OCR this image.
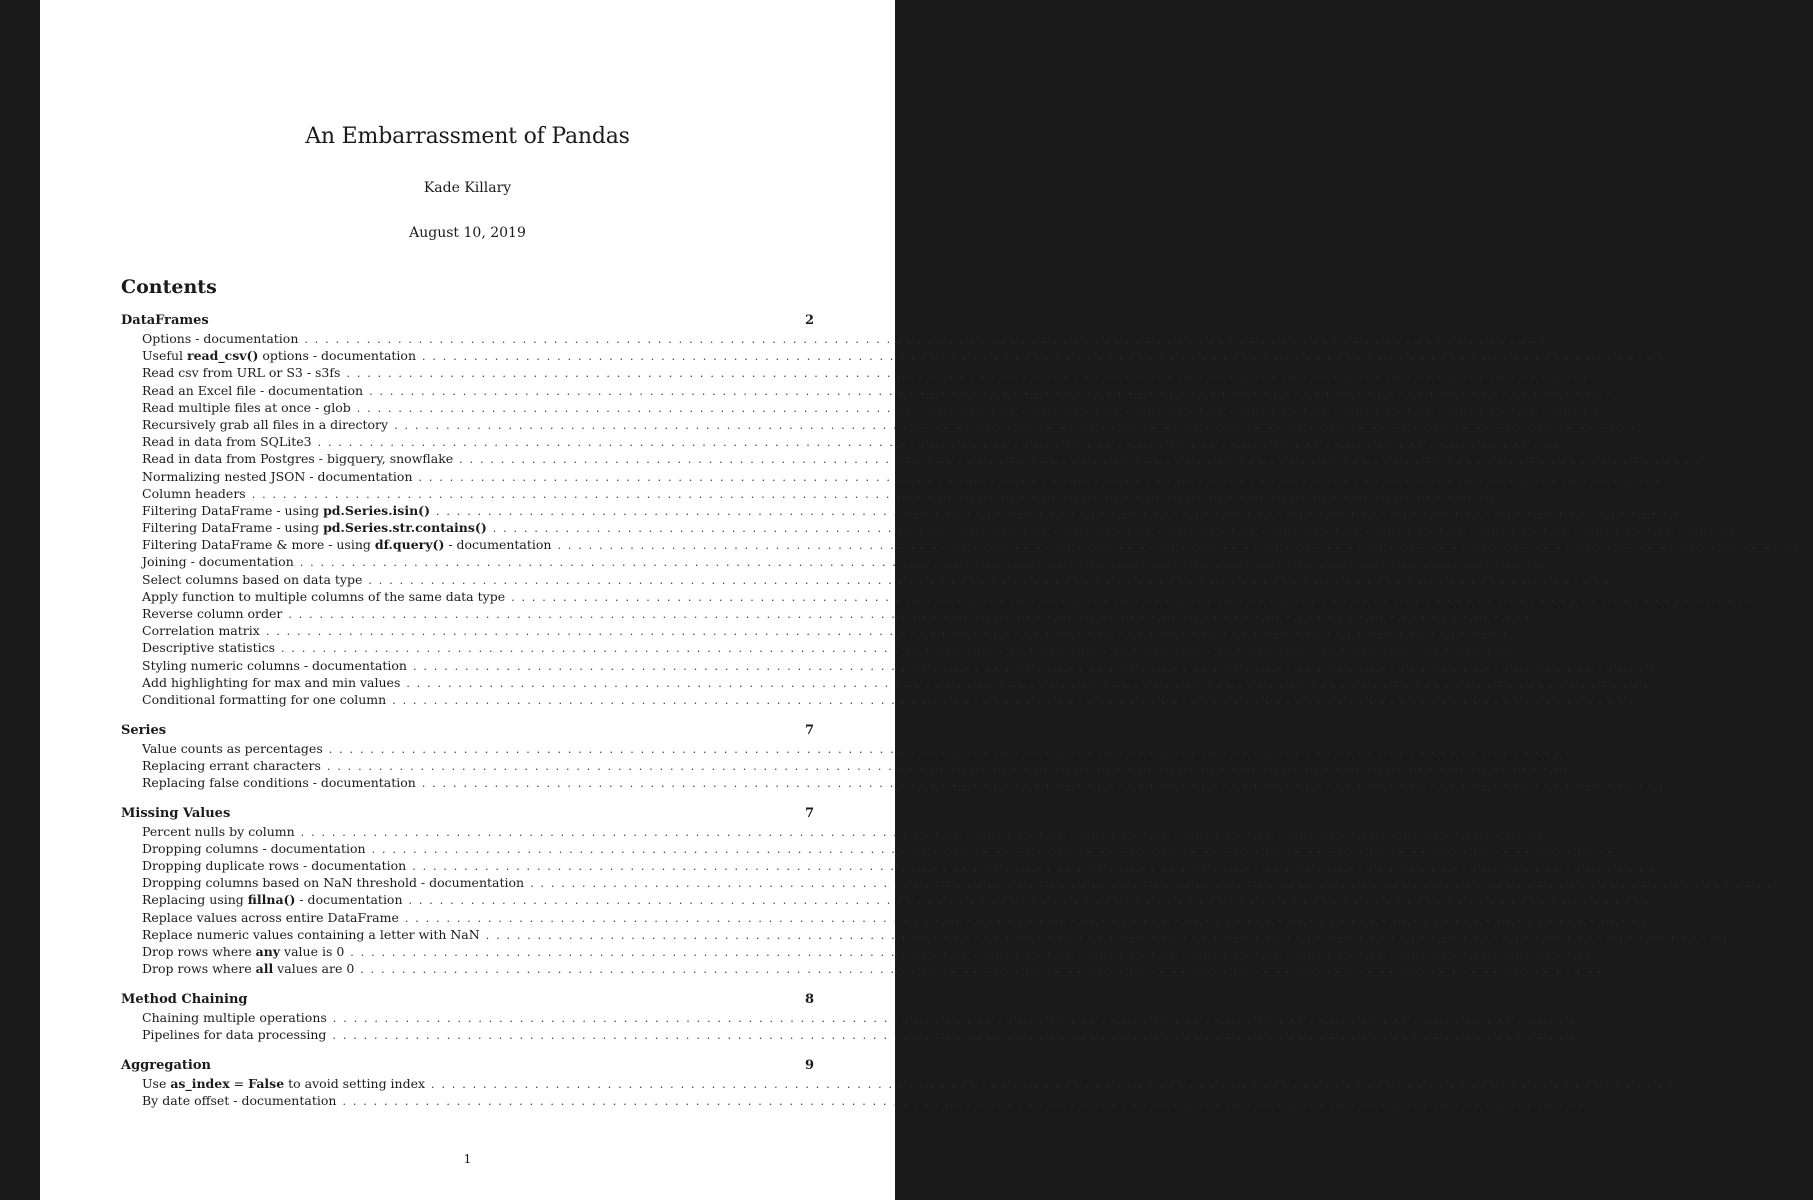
An Embarrassment of Pandas
Kade Killary
August 10, 2019
Contents
DataFrames	2
Options - documentation ........................................................................................................................ 2
Useful read_csv() options - documentation ........................................................................................................................ 3
Read csv from URL or S3 - s3fs ........................................................................................................................ 3
Read an Excel file - documentation ........................................................................................................................ 3
Read multiple files at once - glob ........................................................................................................................ 4
Recursively grab all files in a directory ........................................................................................................................ 4
Read in data from SQLite3 ........................................................................................................................ 4
Read in data from Postgres - bigquery, snowflake ........................................................................................................................ 4
Normalizing nested JSON - documentation ........................................................................................................................ 4
Column headers ........................................................................................................................ 5
Filtering DataFrame - using pd.Series.isin() ........................................................................................................................ 5
Filtering DataFrame - using pd.Series.str.contains() ........................................................................................................................ 5
Filtering DataFrame & more - using df.query() - documentation ........................................................................................................................ 5
Joining - documentation ........................................................................................................................ 6
Select columns based on data type ........................................................................................................................ 6
Apply function to multiple columns of the same data type ........................................................................................................................ 6
Reverse column order ........................................................................................................................ 6
Correlation matrix ........................................................................................................................ 6
Descriptive statistics ........................................................................................................................ 6
Styling numeric columns - documentation ........................................................................................................................ 6
Add highlighting for max and min values ........................................................................................................................ 6
Conditional formatting for one column ........................................................................................................................ 7
Series	7
Value counts as percentages ........................................................................................................................ 7
Replacing errant characters ........................................................................................................................ 7
Replacing false conditions - documentation ........................................................................................................................ 7
Missing Values	7
Percent nulls by column ........................................................................................................................ 7
Dropping columns - documentation ........................................................................................................................ 7
Dropping duplicate rows - documentation ........................................................................................................................ 7
Dropping columns based on NaN threshold - documentation ........................................................................................................................ 7
Replacing using fillna() - documentation ........................................................................................................................ 7
Replace values across entire DataFrame ........................................................................................................................ 8
Replace numeric values containing a letter with NaN ........................................................................................................................ 8
Drop rows where any value is 0 ........................................................................................................................ 8
Drop rows where all values are 0 ........................................................................................................................ 8
Method Chaining	8
Chaining multiple operations ........................................................................................................................ 8
Pipelines for data processing ........................................................................................................................ 8
Aggregation	9
Use as_index = False to avoid setting index ........................................................................................................................ 9
By date offset - documentation ........................................................................................................................ 9
1
